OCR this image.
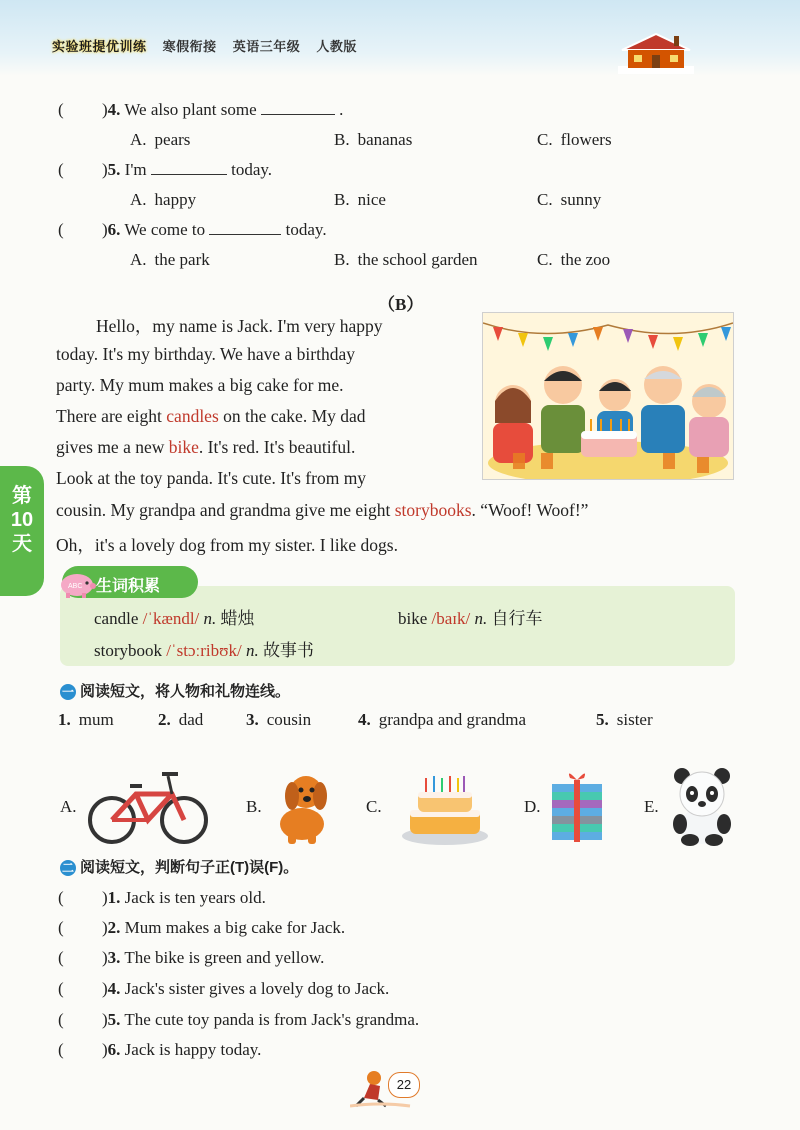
实验班提优训练 寒假衔接 英语三年级 人教版
( )4. We also plant some	.
A. pears	B. bananas	C. flowers
( )5. I'm	today.
A. happy	B. nice	C. sunny
( )6. We come to	today.
A. the park	B. the school garden	C. the zoo
（B）
Hello，my name is Jack. I'm very happy
today. It's my birthday. We have a birthday
party. My mum makes a big cake for me.
There are eight candles on the cake. My dad
gives me a new bike. It's red. It's beautiful.
Look at the toy panda. It's cute. It's from my
cousin. My grandpa and grandma give me eight storybooks. “Woof! Woof!”
Oh，it's a lovely dog from my sister. I like dogs.
第
10
天
ABC 生词积累
candle /ˈkændl/ n. 蜡烛	bike /baɪk/ n. 自行车
storybook /ˈstɔːribʊk/ n. 故事书
一 阅读短文，将人物和礼物连线。
1. mum	2. dad	3. cousin	4. grandpa and grandma	5. sister
A.	B.	C.	D.	E.
二 阅读短文，判断句子正(T)误(F)。
( )1. Jack is ten years old.
( )2. Mum makes a big cake for Jack.
( )3. The bike is green and yellow.
( )4. Jack's sister gives a lovely dog to Jack.
( )5. The cute toy panda is from Jack's grandma.
( )6. Jack is happy today.
22
